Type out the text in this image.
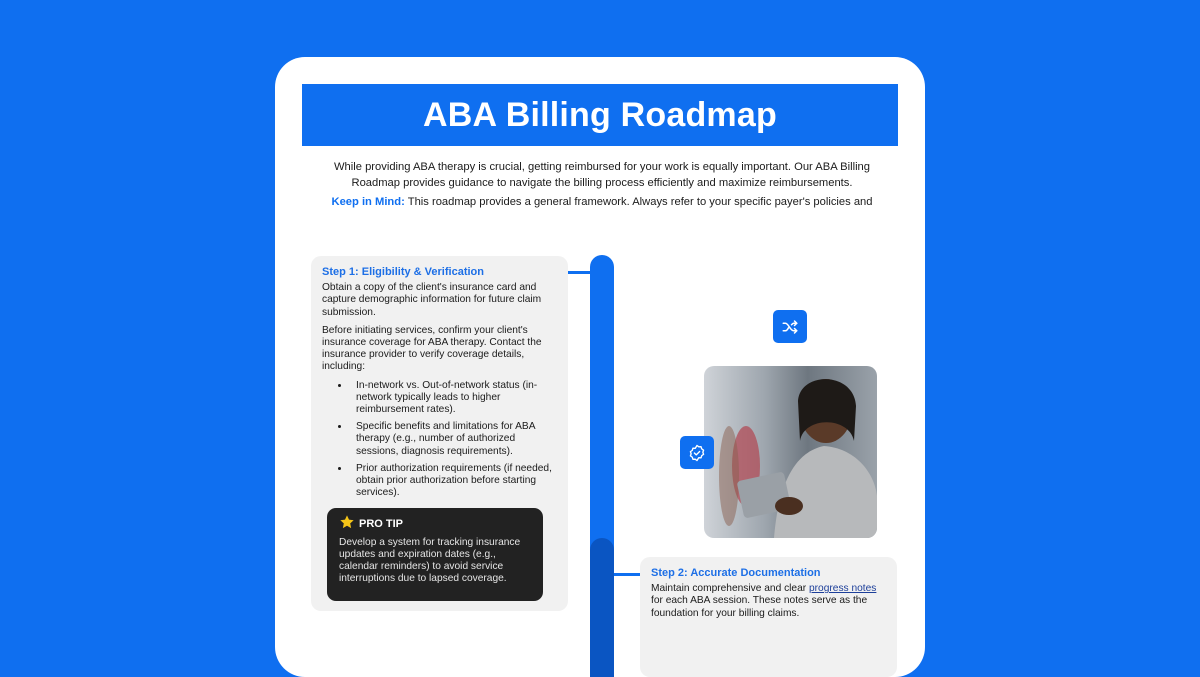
ABA Billing Roadmap

While providing ABA therapy is crucial, getting reimbursed for your work is equally important. Our ABA Billing

Roadmap provides guidance to navigate the billing process efficiently and maximize reimbursements.

Keep in Mind: This roadmap provides a general framework. Always refer to your specific payer's policies and

Step 1: Eligibility & Verification

Obtain a copy of the client's insurance card and capture demographic information for future claim submission.

Before initiating services, confirm your client's insurance coverage for ABA therapy. Contact the insurance provider to verify coverage details, including:

• In-network vs. Out-of-network status (in-network typically leads to higher reimbursement rates).
• Specific benefits and limitations for ABA therapy (e.g., number of authorized sessions, diagnosis requirements).
• Prior authorization requirements (if needed, obtain prior authorization before starting services).
PRO TIP
Develop a system for tracking insurance updates and expiration dates (e.g., calendar reminders) to avoid service interruptions due to lapsed coverage.	Step 2: Accurate Documentation

Maintain comprehensive and clear progress notes for each ABA session. These notes serve as the foundation for your billing claims.
